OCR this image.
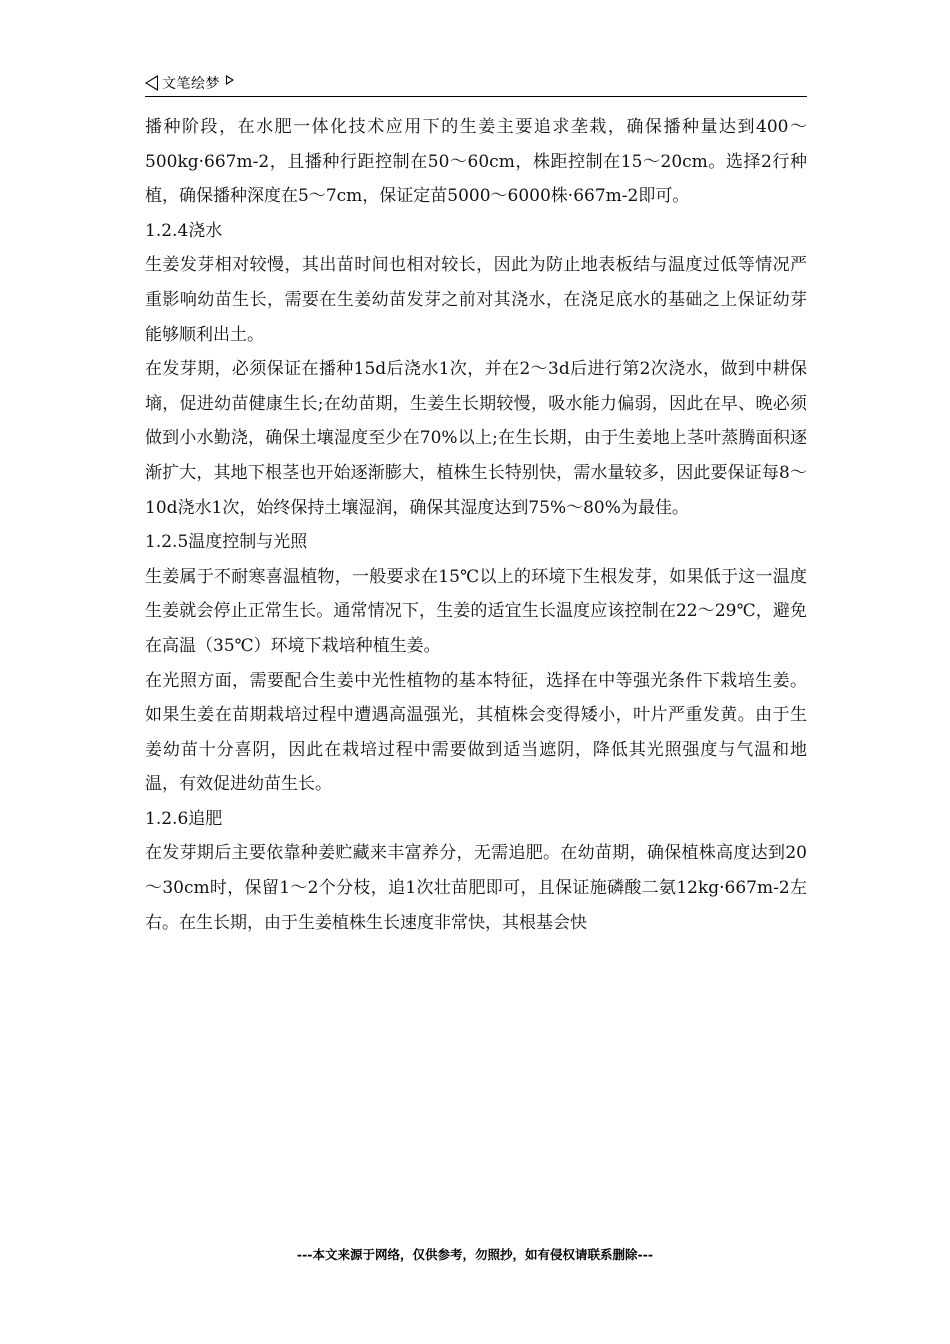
文笔绘梦

播种阶段，在水肥一体化技术应用下的生姜主要追求垄栽，确保播种量达到400～500kg·667m-2，且播种行距控制在50～60cm，株距控制在15～20cm。选择2行种植，确保播种深度在5～7cm，保证定苗5000～6000株·667m-2即可。

1.2.4浇水

生姜发芽相对较慢，其出苗时间也相对较长，因此为防止地表板结与温度过低等情况严重影响幼苗生长，需要在生姜幼苗发芽之前对其浇水，在浇足底水的基础之上保证幼芽能够顺利出土。

在发芽期，必须保证在播种15d后浇水1次，并在2～3d后进行第2次浇水，做到中耕保墒，促进幼苗健康生长;在幼苗期，生姜生长期较慢，吸水能力偏弱，因此在早、晚必须做到小水勤浇，确保土壤湿度至少在70%以上;在生长期，由于生姜地上茎叶蒸腾面积逐渐扩大，其地下根茎也开始逐渐膨大，植株生长特别快，需水量较多，因此要保证每8～10d浇水1次，始终保持土壤湿润，确保其湿度达到75%～80%为最佳。

1.2.5温度控制与光照

生姜属于不耐寒喜温植物，一般要求在15℃以上的环境下生根发芽，如果低于这一温度生姜就会停止正常生长。通常情况下，生姜的适宜生长温度应该控制在22～29℃，避免在高温（35℃）环境下栽培种植生姜。

在光照方面，需要配合生姜中光性植物的基本特征，选择在中等强光条件下栽培生姜。如果生姜在苗期栽培过程中遭遇高温强光，其植株会变得矮小，叶片严重发黄。由于生姜幼苗十分喜阴，因此在栽培过程中需要做到适当遮阴，降低其光照强度与气温和地温，有效促进幼苗生长。

1.2.6追肥

在发芽期后主要依靠种姜贮藏来丰富养分，无需追肥。在幼苗期，确保植株高度达到20～30cm时，保留1～2个分枝，追1次壮苗肥即可，且保证施磷酸二氨12kg·667m-2左右。在生长期，由于生姜植株生长速度非常快，其根基会快

---本文来源于网络，仅供参考，勿照抄，如有侵权请联系删除---
